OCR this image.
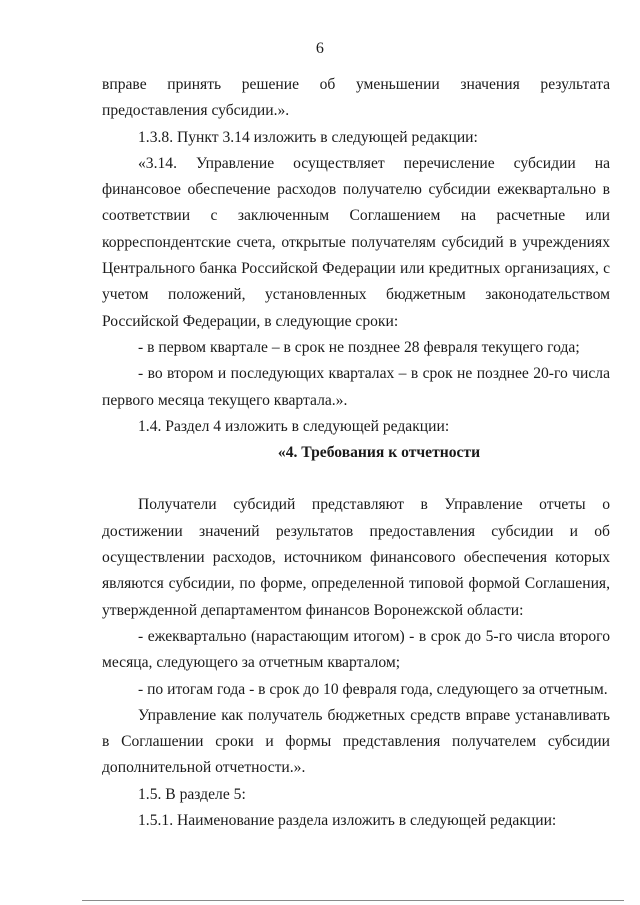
6

вправе принять решение об уменьшении значения результата предоставления субсидии.».

1.3.8. Пункт 3.14 изложить в следующей редакции:

«3.14. Управление осуществляет перечисление субсидии на финансовое обеспечение расходов получателю субсидии ежеквартально в соответствии с заключенным Соглашением на расчетные или корреспондентские счета, открытые получателям субсидий в учреждениях Центрального банка Российской Федерации или кредитных организациях, с учетом положений, установленных бюджетным законодательством Российской Федерации, в следующие сроки:

- в первом квартале – в срок не позднее 28 февраля текущего года;

- во втором и последующих кварталах – в срок не позднее 20-го числа первого месяца текущего квартала.».

1.4. Раздел 4 изложить в следующей редакции:

«4. Требования к отчетности

Получатели субсидий представляют в Управление отчеты о достижении значений результатов предоставления субсидии и об осуществлении расходов, источником финансового обеспечения которых являются субсидии, по форме, определенной типовой формой Соглашения, утвержденной департаментом финансов Воронежской области:

- ежеквартально (нарастающим итогом) - в срок до 5-го числа второго месяца, следующего за отчетным кварталом;

- по итогам года - в срок до 10 февраля года, следующего за отчетным.

Управление как получатель бюджетных средств вправе устанавливать в Соглашении сроки и формы представления получателем субсидии дополнительной отчетности.».

1.5. В разделе 5:

1.5.1. Наименование раздела изложить в следующей редакции:
